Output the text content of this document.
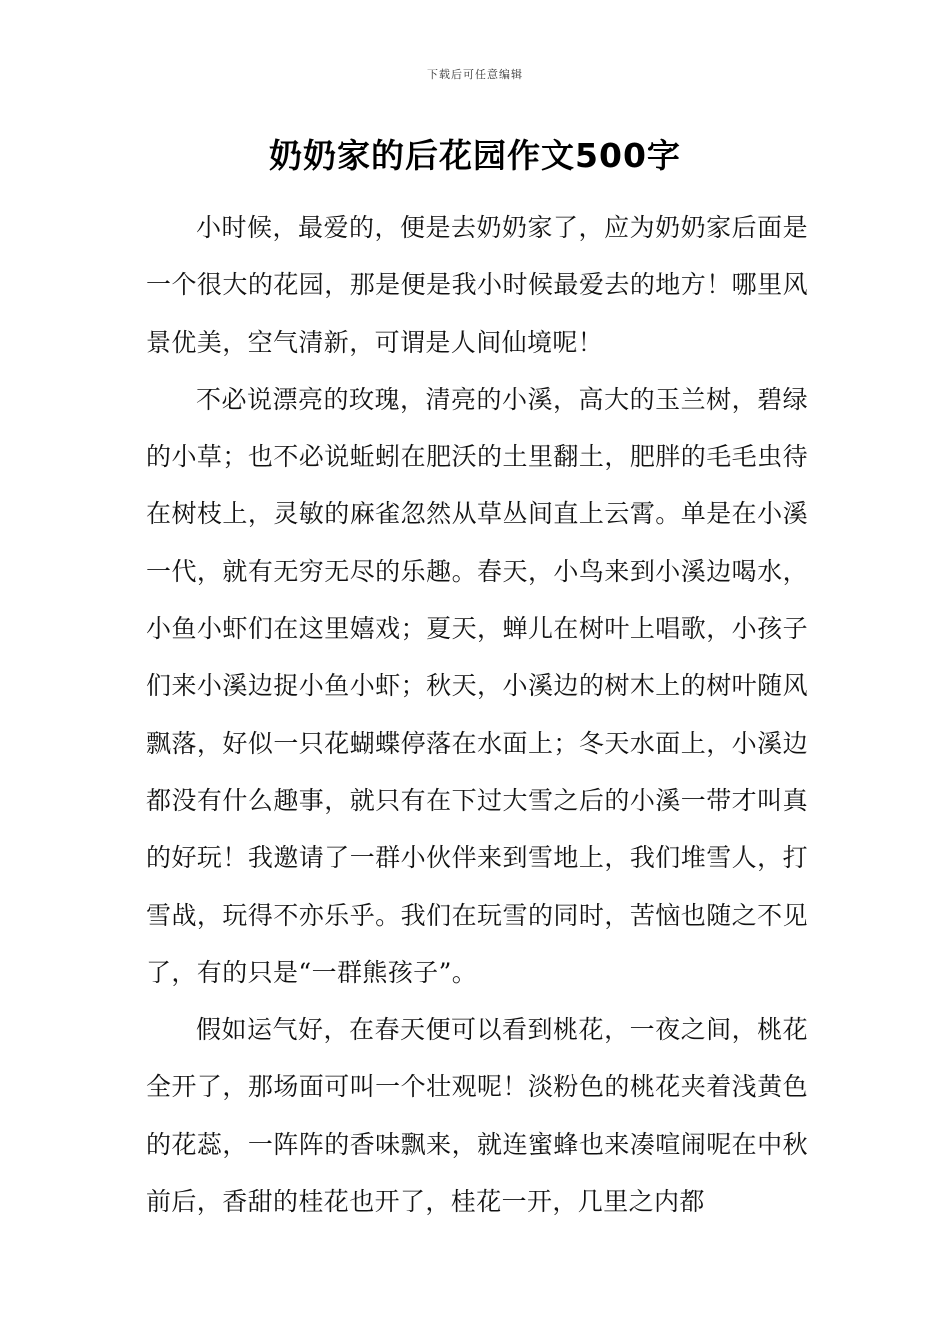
下载后可任意编辑
奶奶家的后花园作文500字

小时候，最爱的，便是去奶奶家了，应为奶奶家后面是一个很大的花园，那是便是我小时候最爱去的地方！哪里风景优美，空气清新，可谓是人间仙境呢！

不必说漂亮的玫瑰，清亮的小溪，高大的玉兰树，碧绿的小草；也不必说蚯蚓在肥沃的土里翻土，肥胖的毛毛虫待在树枝上，灵敏的麻雀忽然从草丛间直上云霄。单是在小溪一代，就有无穷无尽的乐趣。春天，小鸟来到小溪边喝水，小鱼小虾们在这里嬉戏；夏天，蝉儿在树叶上唱歌，小孩子们来小溪边捉小鱼小虾；秋天，小溪边的树木上的树叶随风飘落，好似一只花蝴蝶停落在水面上；冬天水面上，小溪边都没有什么趣事，就只有在下过大雪之后的小溪一带才叫真的好玩！我邀请了一群小伙伴来到雪地上，我们堆雪人，打雪战，玩得不亦乐乎。我们在玩雪的同时，苦恼也随之不见了，有的只是“一群熊孩子”。

假如运气好，在春天便可以看到桃花，一夜之间，桃花全开了，那场面可叫一个壮观呢！淡粉色的桃花夹着浅黄色的花蕊，一阵阵的香味飘来，就连蜜蜂也来凑喧闹呢在中秋前后，香甜的桂花也开了，桂花一开，几里之内都
